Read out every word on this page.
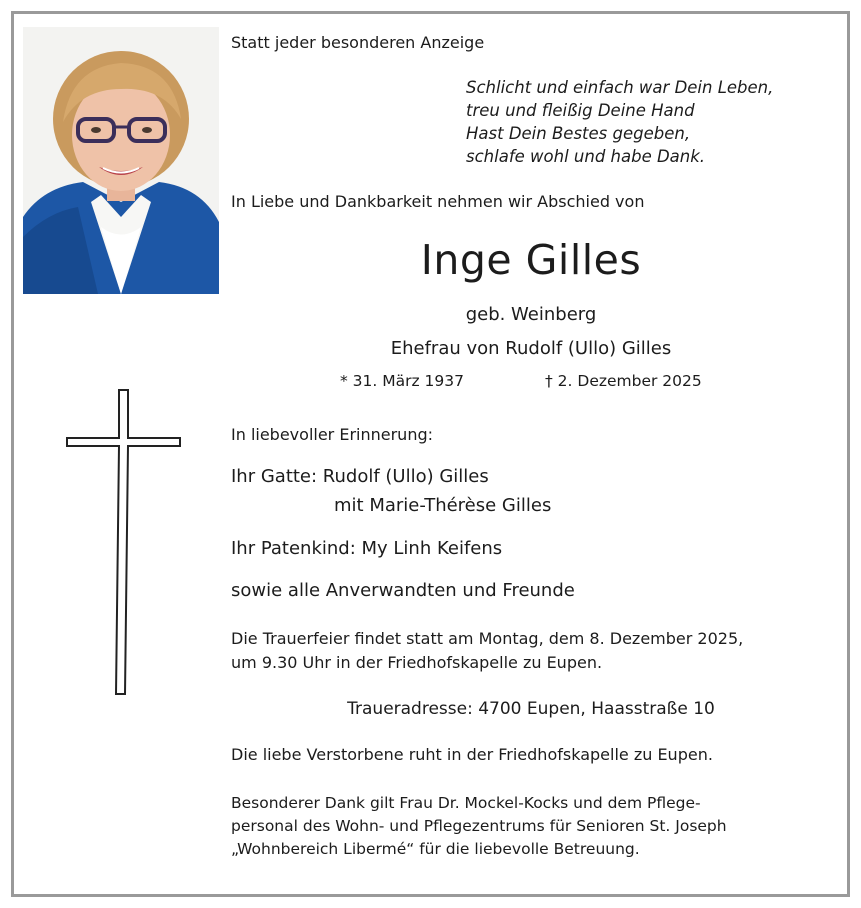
Statt jeder besonderen Anzeige
Schlicht und einfach war Dein Leben,
treu und fleißig Deine Hand
Hast Dein Bestes gegeben,
schlafe wohl und habe Dank.
In Liebe und Dankbarkeit nehmen wir Abschied von
Inge Gilles
geb. Weinberg
Ehefrau von Rudolf (Ullo) Gilles
* 31. März 1937	† 2. Dezember 2025
In liebevoller Erinnerung:
Ihr Gatte: Rudolf (Ullo) Gilles
mit Marie-Thérèse Gilles
Ihr Patenkind: My Linh Keifens
sowie alle Anverwandten und Freunde
Die Trauerfeier findet statt am Montag, dem 8. Dezember 2025,
um 9.30 Uhr in der Friedhofskapelle zu Eupen.
Traueradresse: 4700 Eupen, Haasstraße 10
Die liebe Verstorbene ruht in der Friedhofskapelle zu Eupen.
Besonderer Dank gilt Frau Dr. Mockel-Kocks und dem Pflege-
personal des Wohn- und Pflegezentrums für Senioren St. Joseph
„Wohnbereich Libermé“ für die liebevolle Betreuung.
